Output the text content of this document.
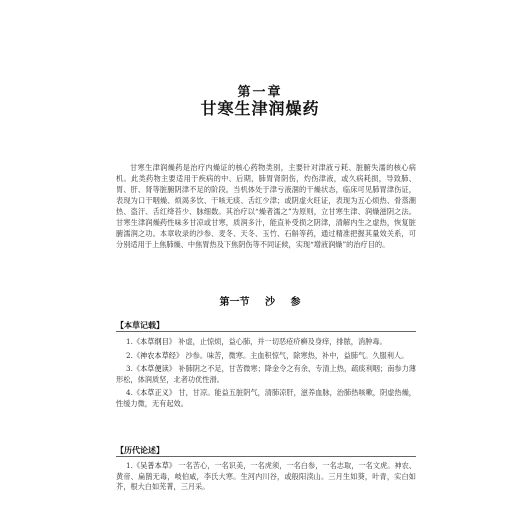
第一章
甘寒生津润燥药

甘寒生津润燥药是治疗内燥证的核心药物类别，主要针对津液亏耗、脏腑失濡的核心病机。此类药物主要适用于疾病的中、后期，肺胃肾阴伤，灼伤津液，或久病耗损，导致肺、胃、肝、肾等脏腑阴津不足的阶段。当机体处于津亏液涸的干燥状态，临床可见肺胃津伤证，表现为口干咽燥、烦渴多饮、干咳无痰、舌红少津；或阴虚火旺证，表现为五心烦热、骨蒸潮热、盗汗、舌红绛苔少、脉细数。其治疗以“燥者濡之”为原则，立甘寒生津、润燥滋阴之法。甘寒生津润燥药性味多甘凉或甘寒，质润多汁，能直补受损之阴津，清解内生之虚热，恢复脏腑濡润之功。本章收录的沙参、麦冬、天冬、玉竹、石斛等药，通过精准把握其量效关系，可分别适用于上焦肺燥、中焦胃热及下焦阴伤等不同证候，实现“增液润燥”的治疗目的。

第一节 沙 参
【本草记载】
1.《本草纲目》 补虚，止惊烦，益心肺，并一切恶疮疥癣及身痒，排脓，消肿毒。
2.《神农本草经》 沙参。味苦，微寒。主血积惊气，除寒热，补中，益肺气。久服利人。
3.《本草便读》 补肺阴之不足，甘苦微寒；降金令之有余，专清上热，疏痰利咽；南参力薄形松，体润质坚，北者功优性滑。
4.《本草正义》 甘，甘凉。能益五脏阴气，清肺凉肝，滋养血脉，治肺热咳嗽，阴虚热燥，性缓力微，无有起效。
【历代论述】
1.《吴普本草》 一名苦心，一名识美，一名虎须，一名白参，一名志取，一名文虎。神农、黄帝、扁鹊无毒，岐伯咸，李氏大寒。生河内川谷，或般阳渎山。三月生如葵，叶青，实白如芥，根大白如芜菁，三月采。
